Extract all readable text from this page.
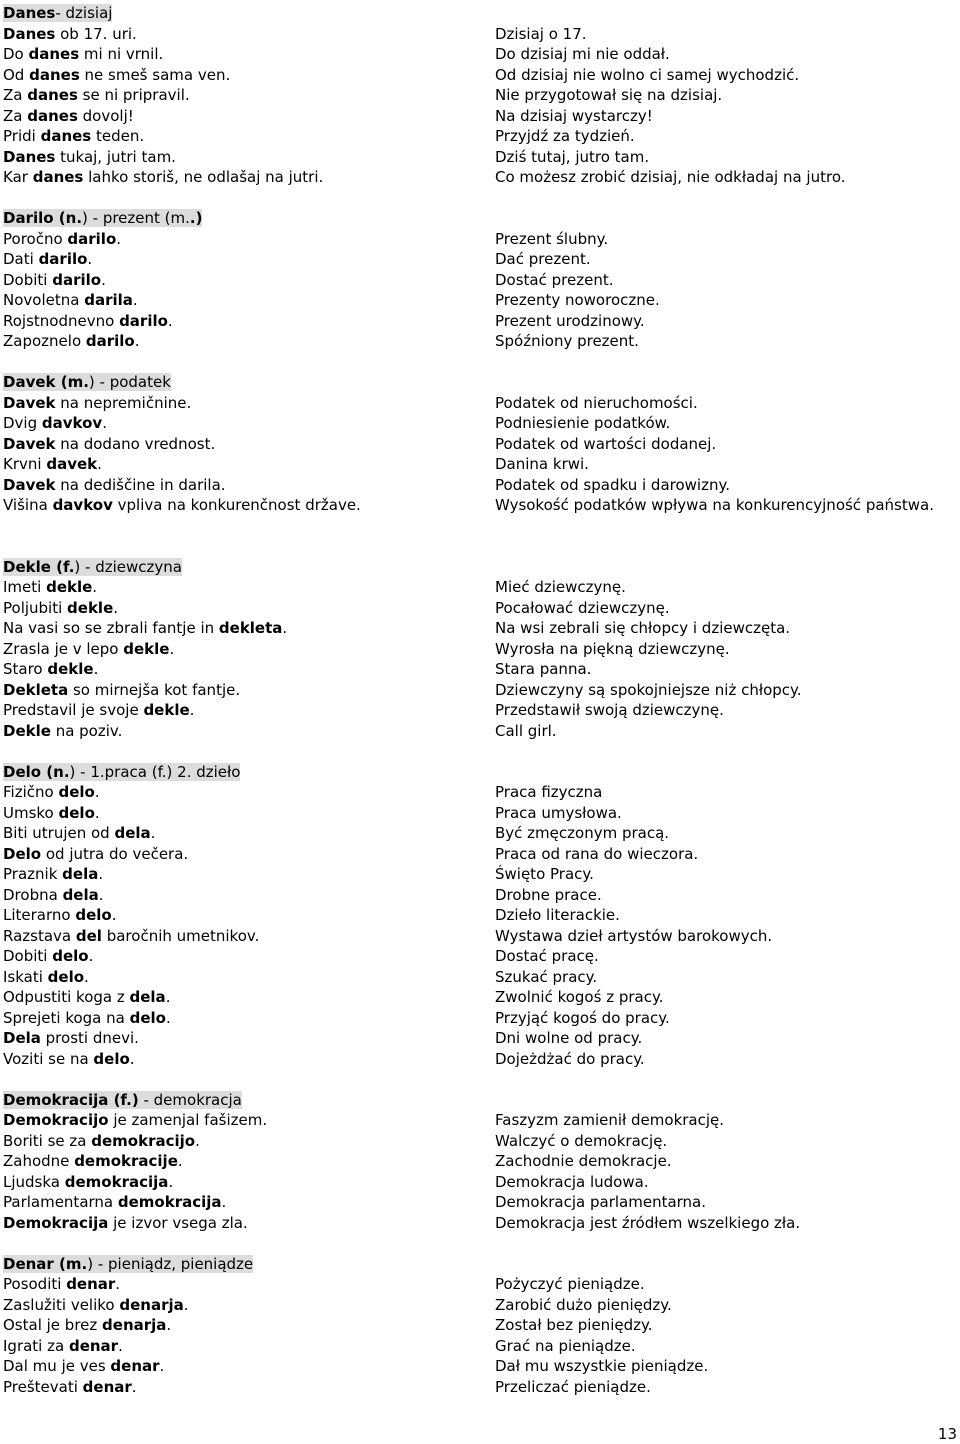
Danes- dzisiaj
Danes ob 17. uri.	Dzisiaj o 17.
Do danes mi ni vrnil.	Do dzisiaj mi nie oddał.
Od danes ne smeš sama ven.	Od dzisiaj nie wolno ci samej wychodzić.
Za danes se ni pripravil.	Nie przygotował się na dzisiaj.
Za danes dovolj!	Na dzisiaj wystarczy!
Pridi danes teden.	Przyjdź za tydzień.
Danes tukaj, jutri tam.	Dziś tutaj, jutro tam.
Kar danes lahko storiš, ne odlašaj na jutri.	Co możesz zrobić dzisiaj, nie odkładaj na jutro.
Darilo (n.) - prezent (m..)
Poročno darilo.	Prezent ślubny.
Dati darilo.	Dać prezent.
Dobiti darilo.	Dostać prezent.
Novoletna darila.	Prezenty noworoczne.
Rojstnodnevno darilo.	Prezent urodzinowy.
Zapoznelo darilo.	Spóźniony prezent.
Davek (m.) - podatek
Davek na nepremičnine.	Podatek od nieruchomości.
Dvig davkov.	Podniesienie podatków.
Davek na dodano vrednost.	Podatek od wartości dodanej.
Krvni davek.	Danina krwi.
Davek na dediščine in darila.	Podatek od spadku i darowizny.
Višina davkov vpliva na konkurenčnost države.	Wysokość podatków wpływa na konkurencyjność państwa.
Dekle (f.) - dziewczyna
Imeti dekle.	Mieć dziewczynę.
Poljubiti dekle.	Pocałować dziewczynę.
Na vasi so se zbrali fantje in dekleta.	Na wsi zebrali się chłopcy i dziewczęta.
Zrasla je v lepo dekle.	Wyrosła na piękną dziewczynę.
Staro dekle.	Stara panna.
Dekleta so mirnejša kot fantje.	Dziewczyny są spokojniejsze niż chłopcy.
Predstavil je svoje dekle.	Przedstawił swoją dziewczynę.
Dekle na poziv.	Call girl.
Delo (n.) - 1.praca (f.) 2. dzieło
Fizično delo.	Praca fizyczna
Umsko delo.	Praca umysłowa.
Biti utrujen od dela.	Być zmęczonym pracą.
Delo od jutra do večera.	Praca od rana do wieczora.
Praznik dela.	Święto Pracy.
Drobna dela.	Drobne prace.
Literarno delo.	Dzieło literackie.
Razstava del baročnih umetnikov.	Wystawa dzieł artystów barokowych.
Dobiti delo.	Dostać pracę.
Iskati delo.	Szukać pracy.
Odpustiti koga z dela.	Zwolnić kogoś z pracy.
Sprejeti koga na delo.	Przyjąć kogoś do pracy.
Dela prosti dnevi.	Dni wolne od pracy.
Voziti se na delo.	Dojeżdżać do pracy.
Demokracija (f.) - demokracja
Demokracijo je zamenjal fašizem.	Faszyzm zamienił demokrację.
Boriti se za demokracijo.	Walczyć o demokrację.
Zahodne demokracije.	Zachodnie demokracje.
Ljudska demokracija.	Demokracja ludowa.
Parlamentarna demokracija.	Demokracja parlamentarna.
Demokracija je izvor vsega zla.	Demokracja jest źródłem wszelkiego zła.
Denar (m.) - pieniądz, pieniądze
Posoditi denar.	Pożyczyć pieniądze.
Zaslužiti veliko denarja.	Zarobić dużo pieniędzy.
Ostal je brez denarja.	Został bez pieniędzy.
Igrati za denar.	Grać na pieniądze.
Dal mu je ves denar.	Dał mu wszystkie pieniądze.
Preštevati denar.	Przeliczać pieniądze.
13
